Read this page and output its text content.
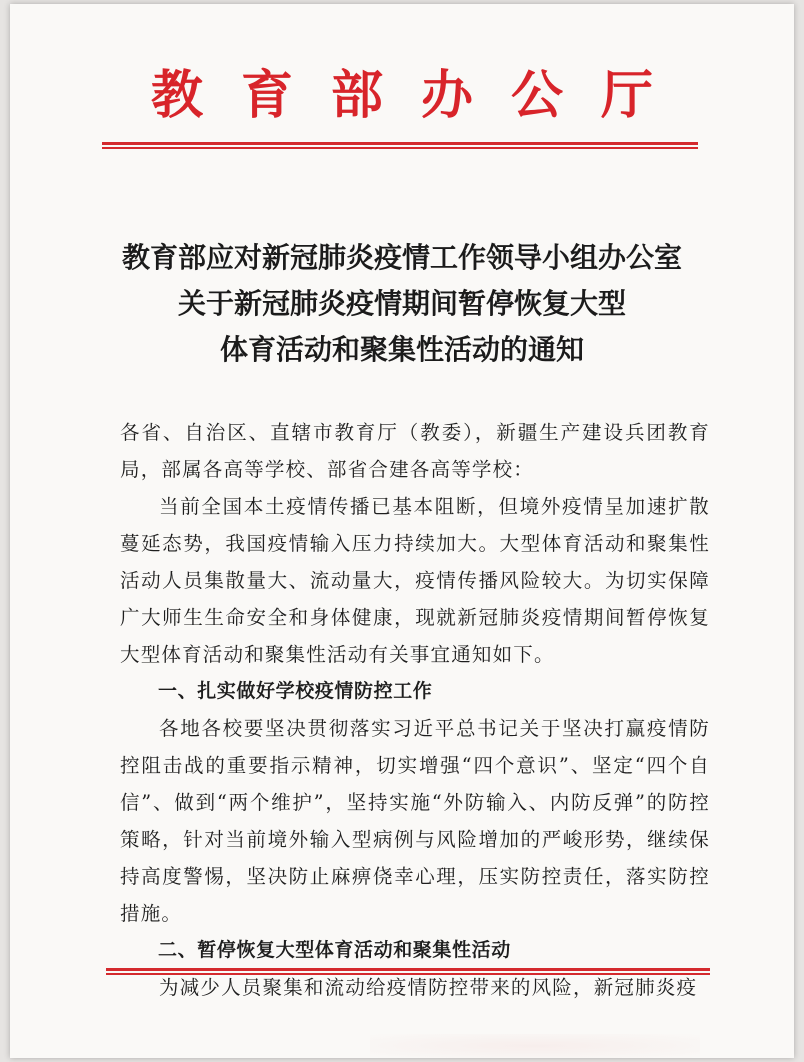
教育部办公厅
教育部应对新冠肺炎疫情工作领导小组办公室
关于新冠肺炎疫情期间暂停恢复大型
体育活动和聚集性活动的通知

各省、自治区、直辖市教育厅（教委），新疆生产建设兵团教育局，部属各高等学校、部省合建各高等学校：

当前全国本土疫情传播已基本阻断，但境外疫情呈加速扩散蔓延态势，我国疫情输入压力持续加大。大型体育活动和聚集性活动人员集散量大、流动量大，疫情传播风险较大。为切实保障广大师生生命安全和身体健康，现就新冠肺炎疫情期间暂停恢复大型体育活动和聚集性活动有关事宜通知如下。

一、扎实做好学校疫情防控工作

各地各校要坚决贯彻落实习近平总书记关于坚决打赢疫情防控阻击战的重要指示精神，切实增强“四个意识”、坚定“四个自信”、做到“两个维护”，坚持实施“外防输入、内防反弹”的防控策略，针对当前境外输入型病例与风险增加的严峻形势，继续保持高度警惕，坚决防止麻痹侥幸心理，压实防控责任，落实防控措施。

二、暂停恢复大型体育活动和聚集性活动

为减少人员聚集和流动给疫情防控带来的风险，新冠肺炎疫
